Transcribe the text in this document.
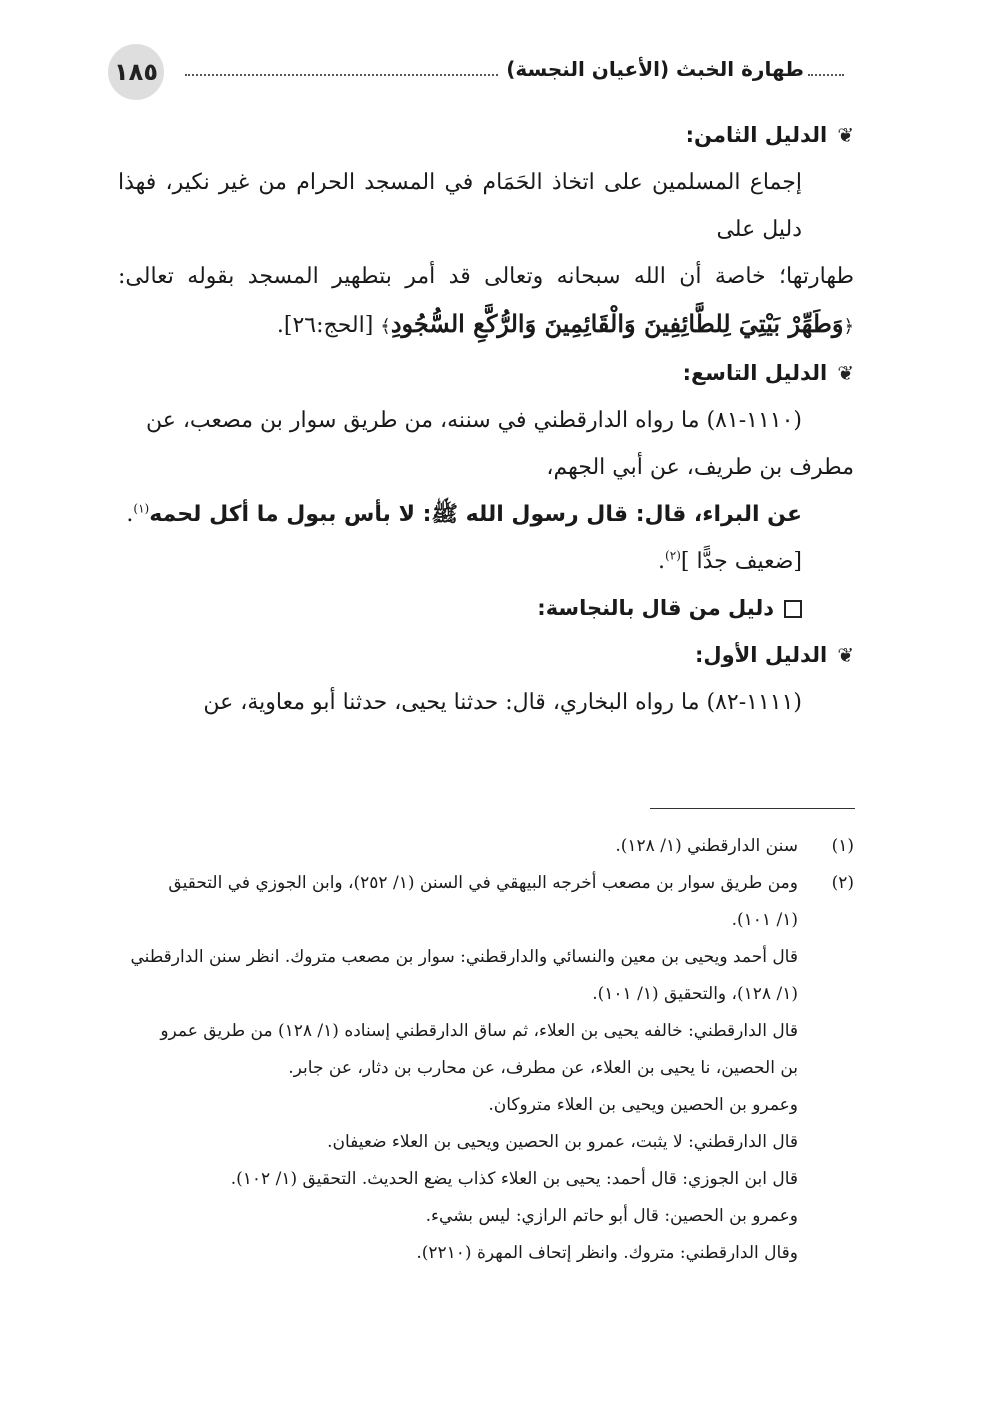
١٨٥	طهارة الخبث (الأعيان النجسة)

❦
الدليل الثامن:

إجماع المسلمين على اتخاذ الحَمَام في المسجد الحرام من غير نكير، فهذا دليل على

طهارتها؛ خاصة أن الله سبحانه وتعالى قد أمر بتطهير المسجد بقوله تعالى: ﴿وَطَهِّرْ بَيْتِيَ لِلطَّائِفِينَ وَالْقَائِمِينَ وَالرُّكَّعِ السُّجُودِ﴾ [الحج:٢٦].

❦
الدليل التاسع:

(١١١٠-٨١) ما رواه الدارقطني في سننه، من طريق سوار بن مصعب، عن

مطرف بن طريف، عن أبي الجهم،

عن البراء، قال: قال رسول الله ﷺ: لا بأس ببول ما أكل لحمه$^{(١)}$.

[ضعيف جدًّا ]$^{(٢)}$.

دليل من قال بالنجاسة:

❦
الدليل الأول:

(١١١١-٨٢) ما رواه البخاري، قال: حدثنا يحيى، حدثنا أبو معاوية، عن

(١)
سنن الدارقطني (١/ ١٢٨).
(٢)
ومن طريق سوار بن مصعب أخرجه البيهقي في السنن (١/ ٢٥٢)، وابن الجوزي في التحقيق
(١/ ١٠١).
قال أحمد ويحيى بن معين والنسائي والدارقطني: سوار بن مصعب متروك. انظر سنن الدارقطني
(١/ ١٢٨)، والتحقيق (١/ ١٠١).
قال الدارقطني: خالفه يحيى بن العلاء، ثم ساق الدارقطني إسناده (١/ ١٢٨) من طريق عمرو
بن الحصين، نا يحيى بن العلاء، عن مطرف، عن محارب بن دثار، عن جابر.
وعمرو بن الحصين ويحيى بن العلاء متروكان.
قال الدارقطني: لا يثبت، عمرو بن الحصين ويحيى بن العلاء ضعيفان.
قال ابن الجوزي: قال أحمد: يحيى بن العلاء كذاب يضع الحديث. التحقيق (١/ ١٠٢).
وعمرو بن الحصين: قال أبو حاتم الرازي: ليس بشيء.
وقال الدارقطني: متروك. وانظر إتحاف المهرة (٢٢١٠).
